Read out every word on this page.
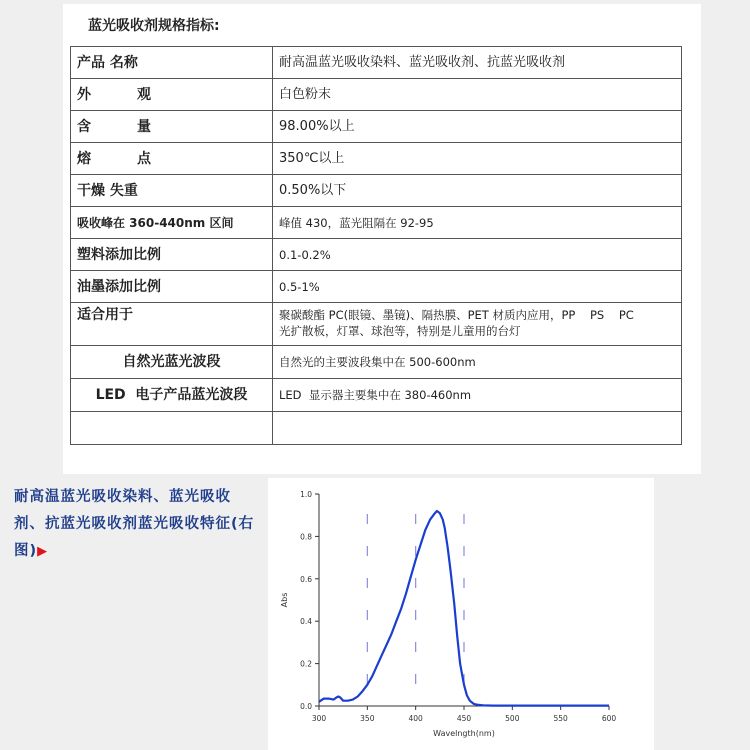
蓝光吸收剂规格指标:
产品 名称	耐高温蓝光吸收染料、蓝光吸收剂、抗蓝光吸收剂

外 观	白色粉末

含 量	98.00%以上

熔 点	350℃以上
干燥 失重	0.50%以下
吸收峰在 360-440nm 区间	峰值 430，蓝光阻隔在 92-95
塑料添加比例	0.1-0.2%
油墨添加比例	0.5-1%
适合用于	聚碳酸酯 PC(眼镜、墨镜)、隔热膜、PET 材质内应用，PP    PS    PC
光扩散板，灯罩、球泡等，特别是儿童用的台灯

自然光蓝光波段	自然光的主要波段集中在 500-600nm
LED  电子产品蓝光波段	LED  显示器主要集中在 380-460nm

耐高温蓝光吸收染料、蓝光吸收剂、抗蓝光吸收剂蓝光吸收特征(右图)▶
300	350	400	450	500	550	600
0.0
0.2
0.4
0.6
0.8
1.0
Wavelngth(nm)
Abs
